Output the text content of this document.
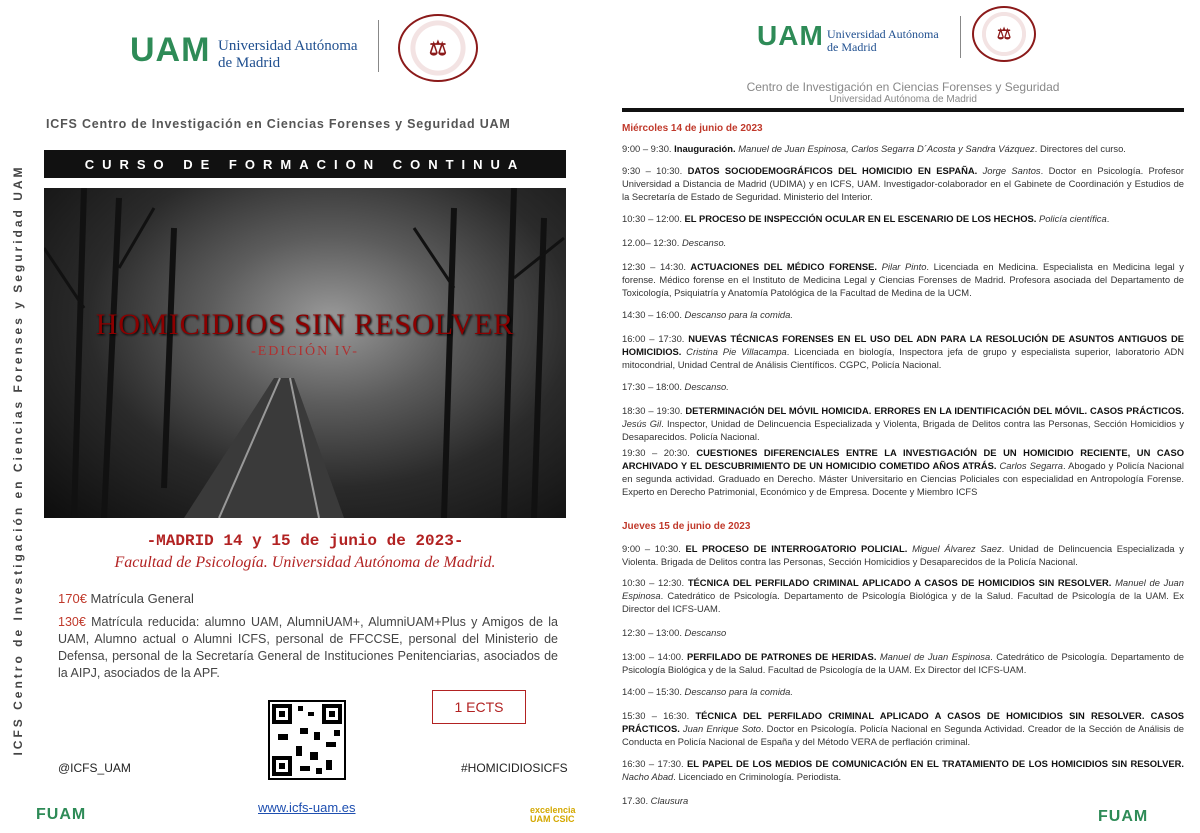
UAM Universidad Autónoma
de Madrid
⚖
ICFS Centro de Investigación en Ciencias Forenses y Seguridad UAM
ICFS Centro de Investigación en Ciencias Forenses y Seguridad UAM
CURSO DE FORMACION CONTINUA
HOMICIDIOS SIN RESOLVER
-EDICIÓN IV-
-MADRID 14 y 15 de junio de 2023-
Facultad de Psicología. Universidad Autónoma de Madrid.
170€ Matrícula General
130€ Matrícula reducida: alumno UAM, AlumniUAM+, AlumniUAM+Plus y Amigos de la UAM, Alumno actual o Alumni ICFS, personal de FFCCSE, personal del Ministerio de Defensa, personal de la Secretaría General de Instituciones Penitenciarias, asociados de la AIPJ, asociados de la APF.
1 ECTS
@ICFS_UAM	#HOMICIDIOSICFS
www.icfs-uam.es
FUAM	excelencia UAM CSIC
UAM Universidad Autónoma
de Madrid
⚖
Centro de Investigación en Ciencias Forenses y Seguridad
Universidad Autónoma de Madrid
Miércoles 14 de junio de 2023
Jueves 15 de junio de 2023
9:00 – 9:30. Inauguración. Manuel de Juan Espinosa, Carlos Segarra D´Acosta y Sandra Vázquez. Directores del curso.
9:30 – 10:30. DATOS SOCIODEMOGRÁFICOS DEL HOMICIDIO EN ESPAÑA. Jorge Santos. Doctor en Psicología. Profesor Universidad a Distancia de Madrid (UDIMA) y en ICFS, UAM. Investigador-colaborador en el Gabinete de Coordinación y Estudios de la Secretaría de Estado de Seguridad. Ministerio del Interior.
10:30 – 12:00. EL PROCESO DE INSPECCIÓN OCULAR EN EL ESCENARIO DE LOS HECHOS. Policía científica.
12.00– 12:30. Descanso.
12:30 – 14:30. ACTUACIONES DEL MÉDICO FORENSE. Pilar Pinto. Licenciada en Medicina. Especialista en Medicina legal y forense. Médico forense en el Instituto de Medicina Legal y Ciencias Forenses de Madrid. Profesora asociada del Departamento de Toxicología, Psiquiatría y Anatomía Patológica de la Facultad de Medina de la UCM.
14:30 – 16:00. Descanso para la comida.
16:00 – 17:30. NUEVAS TÉCNICAS FORENSES EN EL USO DEL ADN PARA LA RESOLUCIÓN DE ASUNTOS ANTIGUOS DE HOMICIDIOS. Cristina Pie Villacampa. Licenciada en biología, Inspectora jefa de grupo y especialista superior, laboratorio ADN mitocondrial, Unidad Central de Análisis Científicos. CGPC, Policía Nacional.
17:30 – 18:00. Descanso.
18:30 – 19:30. DETERMINACIÓN DEL MÓVIL HOMICIDA. ERRORES EN LA IDENTIFICACIÓN DEL MÓVIL. CASOS PRÁCTICOS. Jesús Gil. Inspector, Unidad de Delincuencia Especializada y Violenta, Brigada de Delitos contra las Personas, Sección Homicidios y Desaparecidos. Policía Nacional.
19:30 – 20:30. CUESTIONES DIFERENCIALES ENTRE LA INVESTIGACIÓN DE UN HOMICIDIO RECIENTE, UN CASO ARCHIVADO Y EL DESCUBRIMIENTO DE UN HOMICIDIO COMETIDO AÑOS ATRÁS. Carlos Segarra. Abogado y Policía Nacional en segunda actividad. Graduado en Derecho. Máster Universitario en Ciencias Policiales con especialidad en Antropología Forense. Experto en Derecho Patrimonial, Económico y de Empresa. Docente y Miembro ICFS
9:00 – 10:30. EL PROCESO DE INTERROGATORIO POLICIAL. Miguel Álvarez Saez. Unidad de Delincuencia Especializada y Violenta. Brigada de Delitos contra las Personas, Sección Homicidios y Desaparecidos de la Policía Nacional.
10:30 – 12:30. TÉCNICA DEL PERFILADO CRIMINAL APLICADO A CASOS DE HOMICIDIOS SIN RESOLVER. Manuel de Juan Espinosa. Catedrático de Psicología. Departamento de Psicología Biológica y de la Salud. Facultad de Psicología de la UAM. Ex Director del ICFS-UAM.
12:30 – 13:00. Descanso
13:00 – 14:00. PERFILADO DE PATRONES DE HERIDAS. Manuel de Juan Espinosa. Catedrático de Psicología. Departamento de Psicología Biológica y de la Salud. Facultad de Psicología de la UAM. Ex Director del ICFS-UAM.
14:00 – 15:30. Descanso para la comida.
15:30 – 16:30. TÉCNICA DEL PERFILADO CRIMINAL APLICADO A CASOS DE HOMICIDIOS SIN RESOLVER. CASOS PRÁCTICOS. Juan Enrique Soto. Doctor en Psicología. Policía Nacional en Segunda Actividad. Creador de la Sección de Análisis de Conducta en Policía Nacional de España y del Método VERA de perflación criminal.
16:30 – 17:30. EL PAPEL DE LOS MEDIOS DE COMUNICACIÓN EN EL TRATAMIENTO DE LOS HOMICIDIOS SIN RESOLVER. Nacho Abad. Licenciado en Criminología. Periodista.
17.30. Clausura
FUAM
